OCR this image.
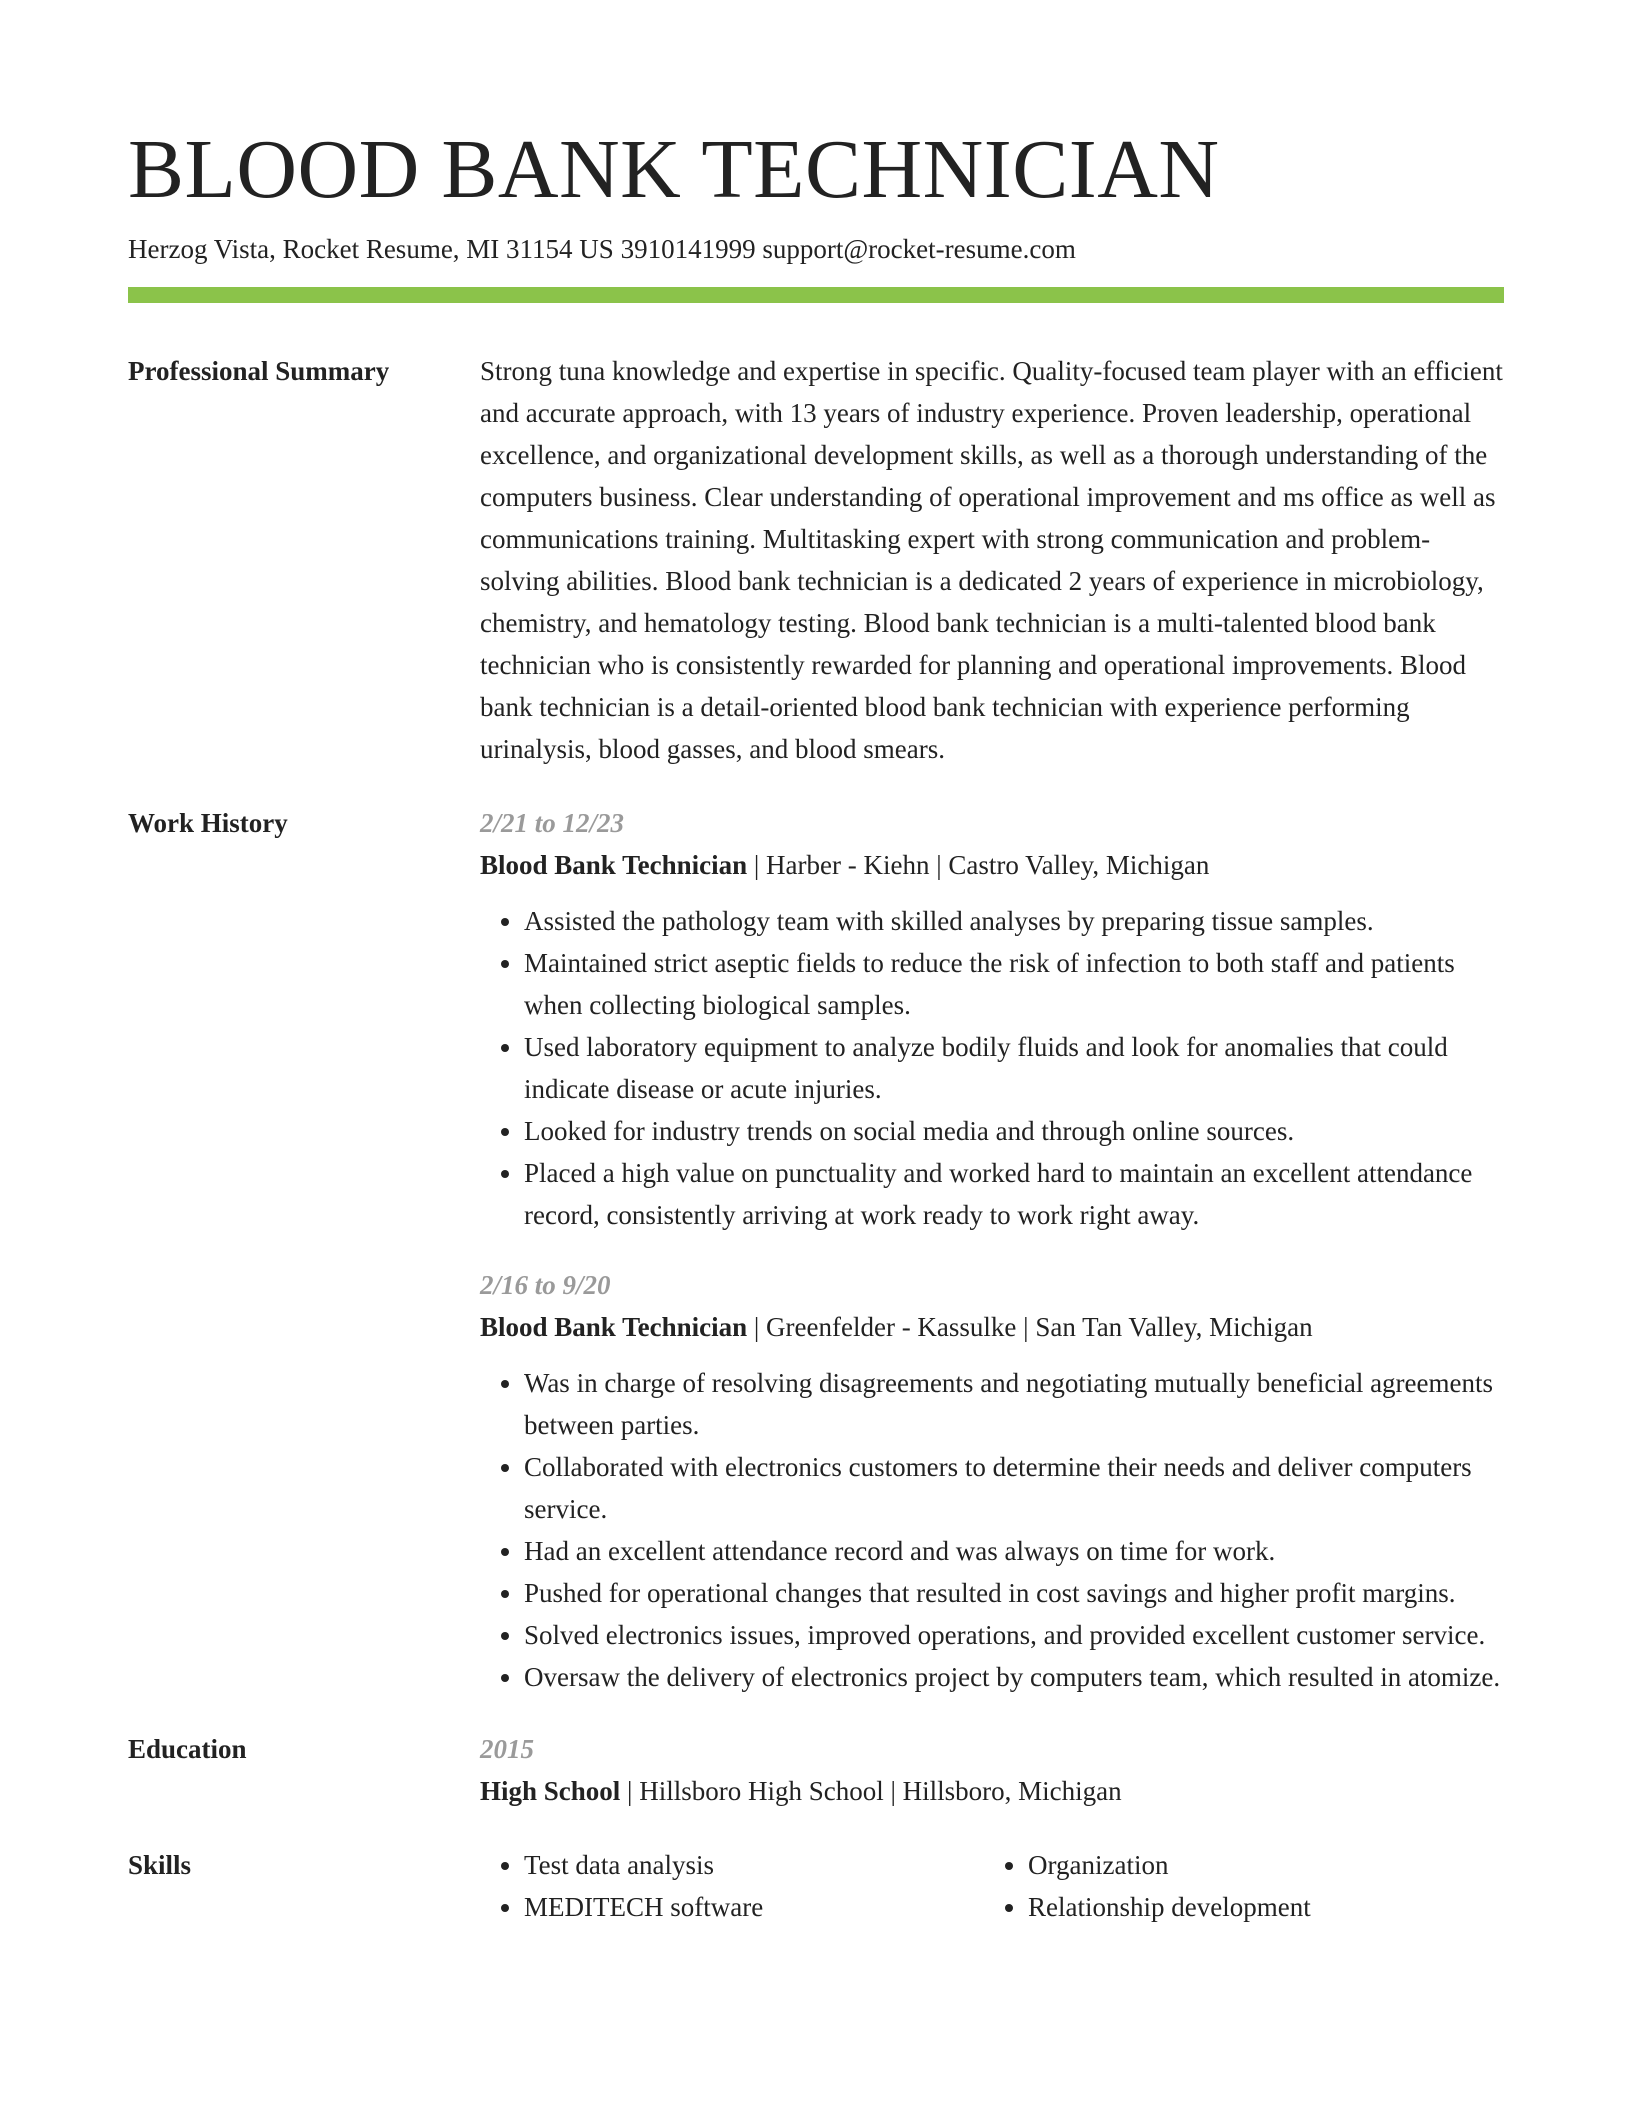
BLOOD BANK TECHNICIAN
Herzog Vista, Rocket Resume, MI 31154 US 3910141999 support@rocket-resume.com
Professional Summary	Strong tuna knowledge and expertise in specific. Quality-focused team player with an efficient and accurate approach, with 13 years of industry experience. Proven leadership, operational excellence, and organizational development skills, as well as a thorough understanding of the computers business. Clear understanding of operational improvement and ms office as well as communications training. Multitasking expert with strong communication and problem-solving abilities. Blood bank technician is a dedicated 2 years of experience in microbiology, chemistry, and hematology testing. Blood bank technician is a multi-talented blood bank technician who is consistently rewarded for planning and operational improvements. Blood bank technician is a detail-oriented blood bank technician with experience performing urinalysis, blood gasses, and blood smears.

Work History	2/21 to 12/23
Blood Bank Technician | Harber - Kiehn | Castro Valley, Michigan
• Assisted the pathology team with skilled analyses by preparing tissue samples.
• Maintained strict aseptic fields to reduce the risk of infection to both staff and patients when collecting biological samples.
• Used laboratory equipment to analyze bodily fluids and look for anomalies that could indicate disease or acute injuries.
• Looked for industry trends on social media and through online sources.
• Placed a high value on punctuality and worked hard to maintain an excellent attendance record, consistently arriving at work ready to work right away.
2/16 to 9/20
Blood Bank Technician | Greenfelder - Kassulke | San Tan Valley, Michigan
• Was in charge of resolving disagreements and negotiating mutually beneficial agreements between parties.
• Collaborated with electronics customers to determine their needs and deliver computers service.
• Had an excellent attendance record and was always on time for work.
• Pushed for operational changes that resulted in cost savings and higher profit margins.
• Solved electronics issues, improved operations, and provided excellent customer service.
• Oversaw the delivery of electronics project by computers team, which resulted in atomize.
Education	2015
High School | Hillsboro High School | Hillsboro, Michigan
Skills
•	Test data analysis
• MEDITECH software
• Organization
• Relationship development
